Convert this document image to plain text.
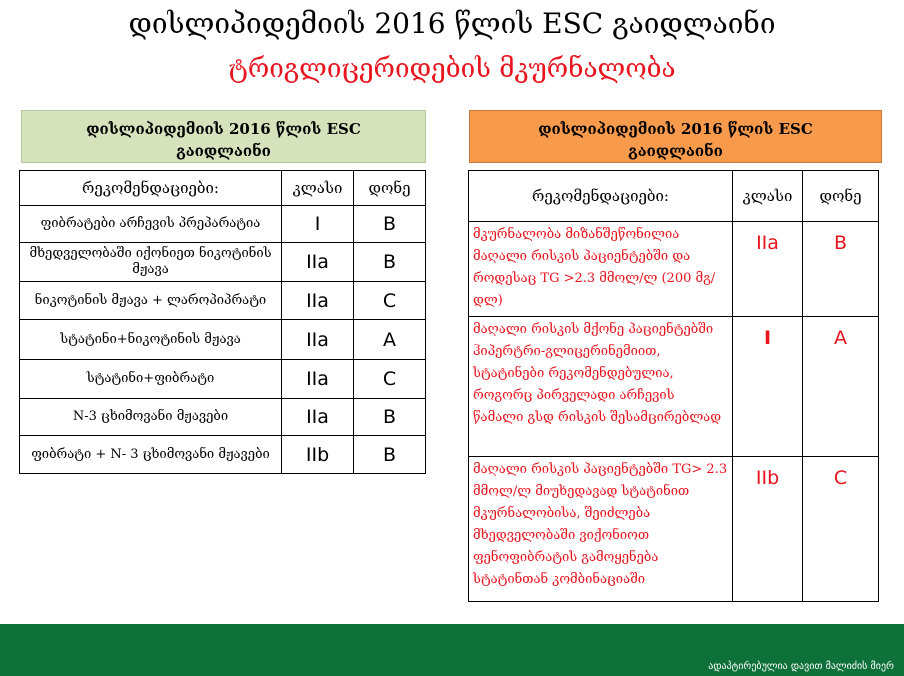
დისლიპიდემიის 2016 წლის ESC გაიდლაინი
ტრიგლიცერიდების მკურნალობა
დისლიპიდემიის 2016 წლის ESC
გაიდლაინი
რეკომენდაციები:	კლასი	დონე
ფიბრატები არჩევის პრეპარატია	I	B
მხედველობაში იქონიეთ ნიკოტინის მჟავა	IIa	B
ნიკოტინის მჟავა + ლაროპიპრატი	IIa	C
სტატინი+ნიკოტინის მჟავა	IIa	A
სტატინი+ფიბრატი	IIa	C
N-3 ცხიმოვანი მჟავები	IIa	B
ფიბრატი + N- 3 ცხიმოვანი მჟავები	IIb	B
დისლიპიდემიის 2016 წლის ESC
გაიდლაინი
რეკომენდაციები:	კლასი	დონე
მკურნალობა მიზანშეწონილია მაღალი რისკის პაციენტებში და როდესაც TG >2.3 მმოლ/ლ (200 მგ/დლ)	IIa	B
მაღალი რისკის მქონე პაციენტებში ჰიპერტრი-გლიცერინემიით, სტატინები რეკომენდებულია, როგორც პირველადი არჩევის წამალი გსდ რისკის შესამცირებლად	I	A
მაღალი რისკის პაციენტებში TG> 2.3 მმოლ/ლ მიუხედავად სტატინით მკურნალობისა, შეიძლება მხედველობაში ვიქონიოთ ფენოფიბრატის გამოყენება სტატინთან კომბინაციაში	IIb	C
ადაპტირებულია დავით მალიძის მიერ
